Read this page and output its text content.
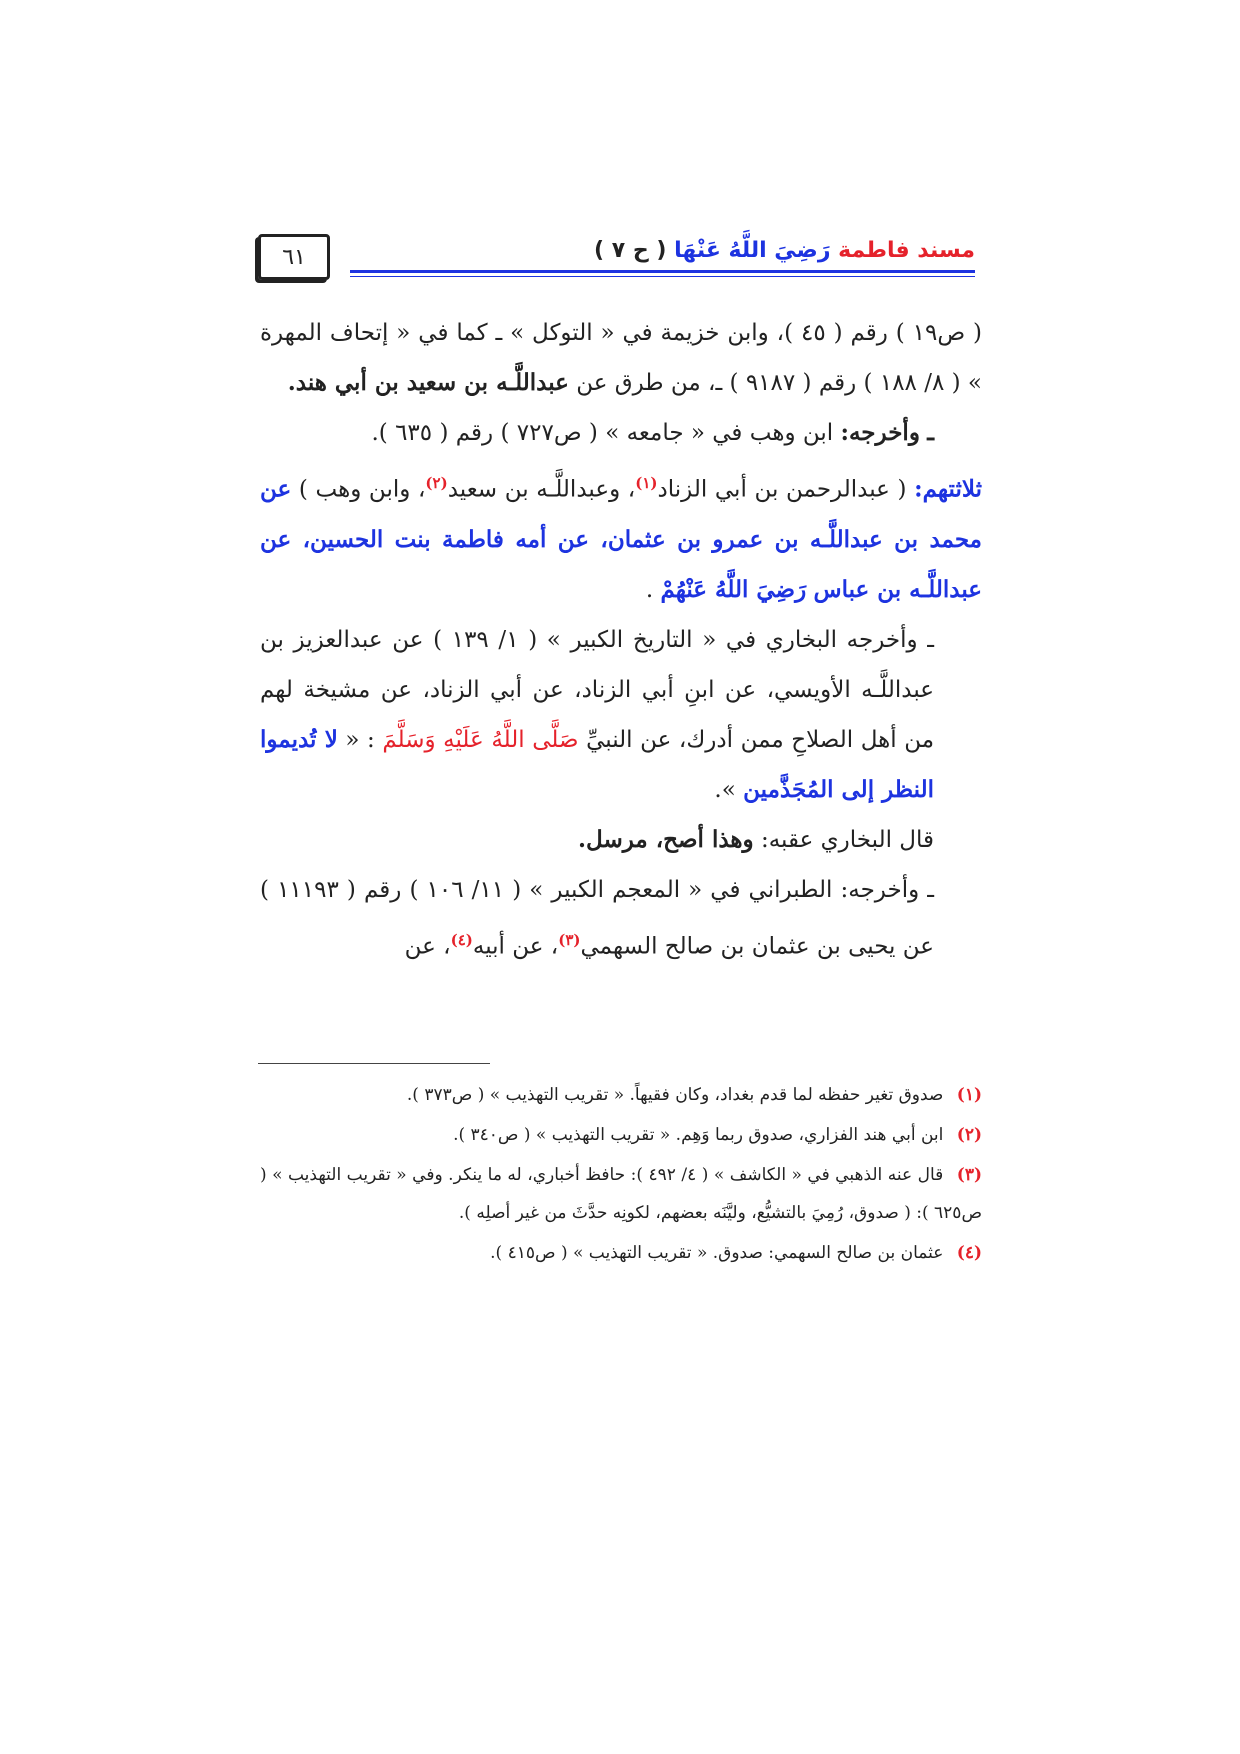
مسند فاطمة رَضِيَ اللَّهُ عَنْهَا ( ح ٧ )
٦١

( ص١٩ ) رقم ( ٤٥ )، وابن خزيمة في « التوكل » ـ كما في « إتحاف المهرة » ( ٨/ ١٨٨ ) رقم ( ٩١٨٧ ) ـ، من طرق عن عبداللَّـه بن سعيد بن أبي هند.

ـ وأخرجه: ابن وهب في « جامعه » ( ص٧٢٧ ) رقم ( ٦٣٥ ).

ثلاثتهم: ( عبدالرحمن بن أبي الزناد$^{(١)}$، وعبداللَّـه بن سعيد$^{(٢)}$، وابن وهب ) عن محمد بن عبداللَّـه بن عمرو بن عثمان، عن أمه فاطمة بنت الحسين، عن عبداللَّـه بن عباس رَضِيَ اللَّهُ عَنْهُمْ .

ـ وأخرجه البخاري في « التاريخ الكبير » ( ١/ ١٣٩ ) عن عبدالعزيز بن عبداللَّـه الأويسي، عن ابنِ أبي الزناد، عن أبي الزناد، عن مشيخة لهم من أهل الصلاحِ ممن أدرك، عن النبيِّ صَلَّى اللَّهُ عَلَيْهِ وَسَلَّمَ : « لا تُديموا النظر إلى المُجَذَّمين ».

قال البخاري عقبه: وهذا أصح، مرسل.

ـ وأخرجه: الطبراني في « المعجم الكبير » ( ١١/ ١٠٦ ) رقم ( ١١١٩٣ ) عن يحيى بن عثمان بن صالح السهمي$^{(٣)}$، عن أبيه$^{(٤)}$، عن

(١) صدوق تغير حفظه لما قدم بغداد، وكان فقيهاً. « تقريب التهذيب » ( ص٣٧٣ ).

(٢) ابن أبي هند الفزاري، صدوق ربما وَهِم. « تقريب التهذيب » ( ص٣٤٠ ).

(٣) قال عنه الذهبي في « الكاشف » ( ٤/ ٤٩٢ ): حافظ أخباري، له ما ينكر. وفي « تقريب التهذيب » ( ص٦٢٥ ): ( صدوق، رُمِيَ بالتشيُّع، وليَّنَه بعضهم، لكونِه حدَّثَ من غير أصلِه ).

(٤) عثمان بن صالح السهمي: صدوق. « تقريب التهذيب » ( ص٤١٥ ).
